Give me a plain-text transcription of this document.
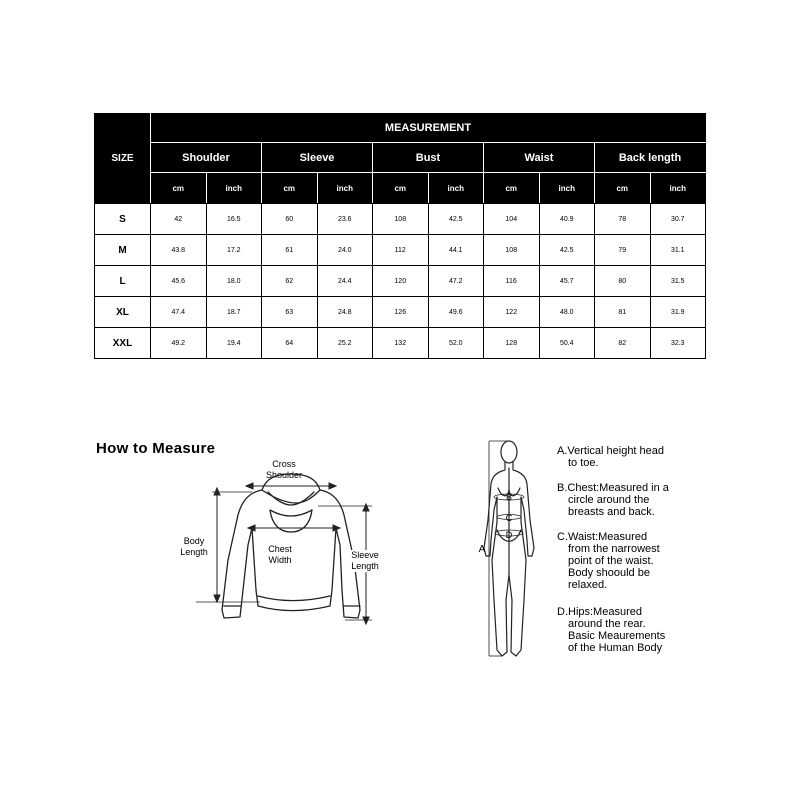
SIZE	MEASUREMENT									
	Shoulder		Sleeve		Bust		Waist		Back length	
	cm	inch	cm	inch	cm	inch	cm	inch	cm	inch
S	42	16.5	60	23.6	108	42.5	104	40.9	78	30.7
M	43.8	17.2	61	24.0	112	44.1	108	42.5	79	31.1
L	45.6	18.0	62	24.4	120	47.2	116	45.7	80	31.5
XL	47.4	18.7	63	24.8	126	49.6	122	48.0	81	31.9
XXL	49.2	19.4	64	25.2	132	52.0	128	50.4	82	32.3
How to Measure
Cross
Shoulder
Body
Length	Chest
Width	Sleeve
Length
A
B
C
D
A.Vertical height head
to toe.
B.Chest:Measured in a
circle around the
breasts and back.
C.Waist:Measured
from the narrowest
point of the waist.
Body shoould be
relaxed.
D.Hips:Measured
around the rear.
Basic Meaurements
of the Human Body
